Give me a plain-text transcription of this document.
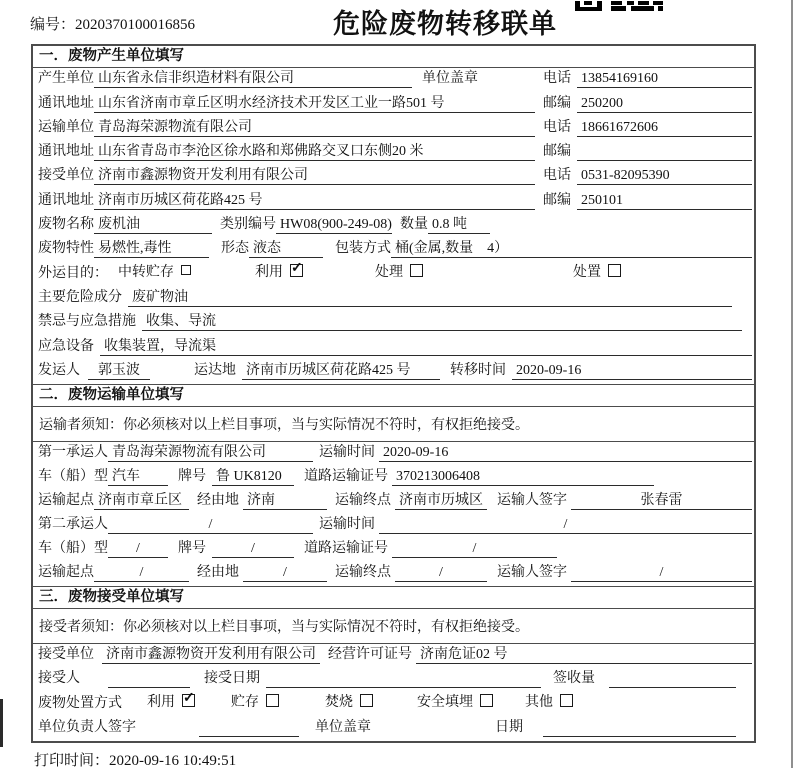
编号：2020370100016856	危险废物转移联单
一．废物产生单位填写
产生单位 山东省永信非织造材料有限公司	单位盖章	电话 13854169160
通讯地址 山东省济南市章丘区明水经济技术开发区工业一路501 号	邮编 250200
运输单位 青岛海荣源物流有限公司	电话 18661672606
通讯地址 山东省青岛市李沧区徐水路和郑佛路交叉口东侧20 米	邮编
接受单位 济南市鑫源物资开发利用有限公司	电话 0531-82095390
通讯地址 济南市历城区荷花路425 号	邮编 250101
废物名称 废机油	类别编号 HW08(900-249-08) 数量 0.8 吨
废物特性 易燃性,毒性	形态 液态	包装方式 桶(金属,数量　4）
外运目的： 中转贮存	利用 ✓	处理	处置
主要危险成分 废矿物油
禁忌与应急措施 收集、导流
应急设备 收集装置，导流渠
发运人	郭玉波	运达地 济南市历城区荷花路425 号	转移时间 2020-09-16
二．废物运输单位填写
运输者须知：你必须核对以上栏目事项，当与实际情况不符时，有权拒绝接受。
第一承运人 青岛海荣源物流有限公司	运输时间 2020-09-16
车（船）型 汽车	牌号 鲁 UK8120	道路运输证号 370213006408
运输起点 济南市章丘区	经由地 济南	运输终点 济南市历城区 运输人签字	张春雷
第二承运人	/	运输时间	/
车（船）型	/	牌号	/	道路运输证号	/
运输起点	/	经由地	/	运输终点	/	运输人签字	/
三．废物接受单位填写
接受者须知：你必须核对以上栏目事项，当与实际情况不符时，有权拒绝接受。
接受单位 济南市鑫源物资开发利用有限公司 经营许可证号 济南危证02 号
接受人	接受日期	签收量
废物处置方式 利用 ✓	贮存	焚烧	安全填埋	其他
单位负责人签字	单位盖章	日期
打印时间：2020-09-16 10:49:51
